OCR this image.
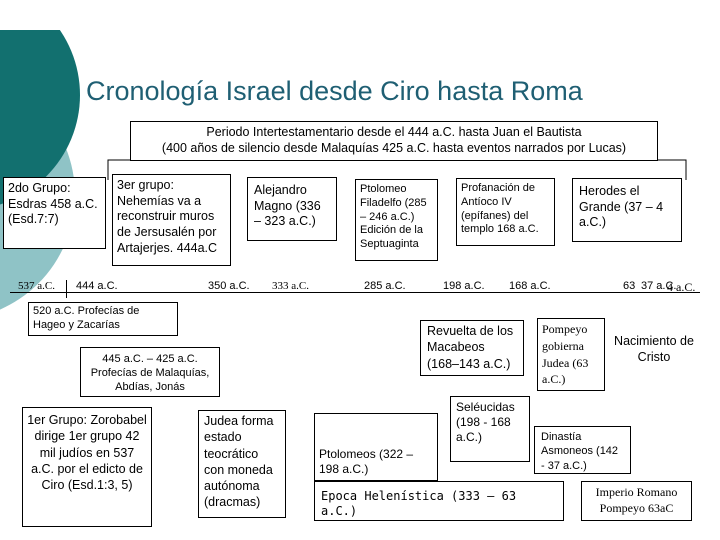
Cronología Israel desde Ciro hasta Roma
Periodo Intertestamentario desde el 444 a.C. hasta Juan el Bautista
(400 años de silencio desde Malaquías 425 a.C. hasta eventos narrados por Lucas)
2do Grupo: Esdras 458 a.C. (Esd.7:7)
3er grupo: Nehemías va a reconstruir muros de Jersusalén por Artajerjes. 444a.C
Alejandro Magno (336 – 323 a.C.)
Ptolomeo Filadelfo (285 – 246 a.C.) Edición de la Septuaginta
Profanación de Antíoco IV (epífanes) del templo 168 a.C.
Herodes el Grande (37 – 4 a.C.)
537 a.C. 444 a.C.	350 a.C. 333 a.C.	285 a.C.	198 a.C. 168 a.C.	63 37 a.C.
4 a.C.
520 a.C. Profecías de Hageo y Zacarías
445 a.C. – 425 a.C. Profecías de Malaquías, Abdías, Jonás
1er Grupo: Zorobabel dirige 1er grupo 42 mil judíos en 537 a.C. por el edicto de Ciro (Esd.1:3, 5)
Judea forma estado teocrático con moneda autónoma (dracmas)
Revuelta de los Macabeos (168–143 a.C.)
Pompeyo gobierna Judea (63 a.C.)
Nacimiento de Cristo
Ptolomeos (322 – 198 a.C.)
Seléucidas (198 - 168 a.C.)	Dinastía Asmoneos (142 - 37 a.C.)
Epoca Helenística (333 – 63 a.C.)
Imperio Romano Pompeyo 63aC
